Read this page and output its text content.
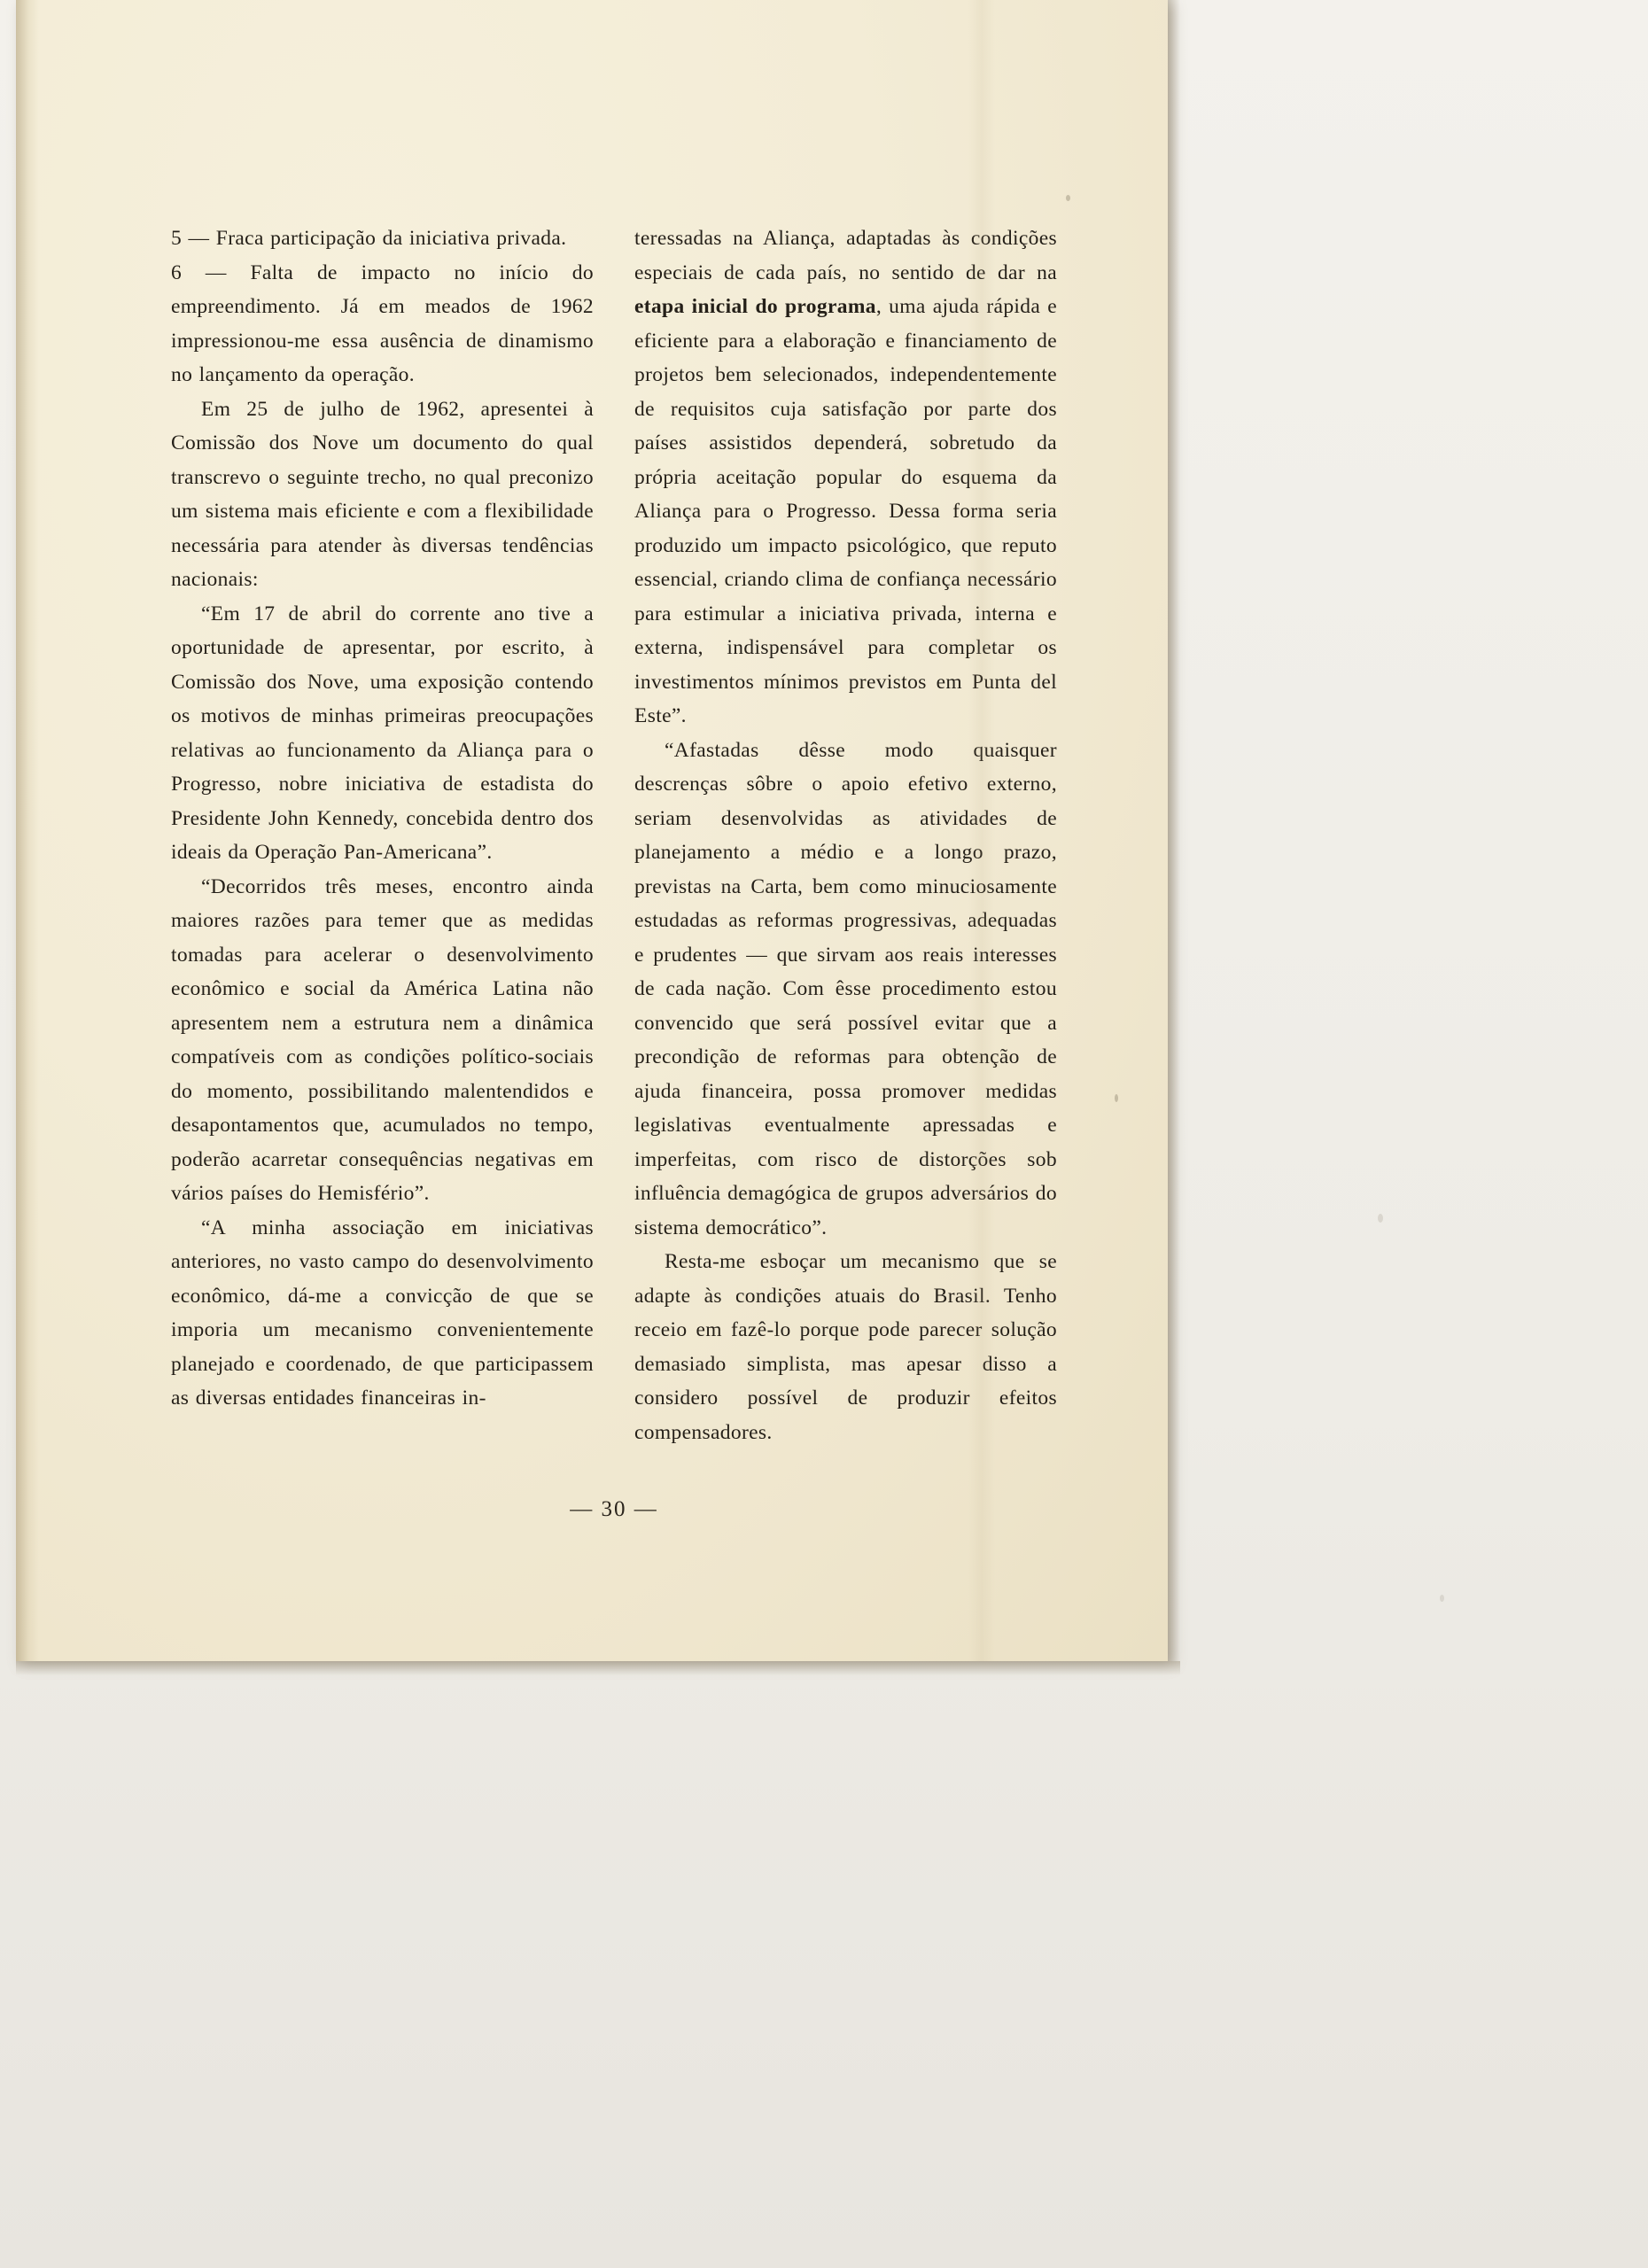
5 — Fraca participação da iniciativa privada.

6 — Falta de impacto no início do empreendimento. Já em meados de 1962 impressionou-me essa ausência de dinamismo no lançamento da operação.

Em 25 de julho de 1962, apresentei à Comissão dos Nove um documento do qual transcrevo o seguinte trecho, no qual preconizo um sistema mais eficiente e com a flexibilidade necessária para atender às diversas tendências nacionais:

“Em 17 de abril do corrente ano tive a oportunidade de apresentar, por escrito, à Comissão dos Nove, uma exposição contendo os motivos de minhas primeiras preocupações relativas ao funcionamento da Aliança para o Progresso, nobre iniciativa de estadista do Presidente John Kennedy, concebida dentro dos ideais da Operação Pan-Americana”.

“Decorridos três meses, encontro ainda maiores razões para temer que as medidas tomadas para acelerar o desenvolvimento econômico e social da América Latina não apresentem nem a estrutura nem a dinâmica compatíveis com as condições político-sociais do momento, possibilitando malentendidos e desapontamentos que, acumulados no tempo, poderão acarretar consequências negativas em vários países do Hemisfério”.

“A minha associação em iniciativas anteriores, no vasto campo do desenvolvimento econômico, dá-me a convicção de que se imporia um mecanismo convenientemente planejado e coordenado, de que participassem as diversas entidades financeiras in-

teressadas na Aliança, adaptadas às condições especiais de cada país, no sentido de dar na etapa inicial do programa, uma ajuda rápida e eficiente para a elaboração e financiamento de projetos bem selecionados, independentemente de requisitos cuja satisfação por parte dos países assistidos dependerá, sobretudo da própria aceitação popular do esquema da Aliança para o Progresso. Dessa forma seria produzido um impacto psicológico, que reputo essencial, criando clima de confiança necessário para estimular a iniciativa privada, interna e externa, indispensável para completar os investimentos mínimos previstos em Punta del Este”.

“Afastadas dêsse modo quaisquer descrenças sôbre o apoio efetivo externo, seriam desenvolvidas as atividades de planejamento a médio e a longo prazo, previstas na Carta, bem como minuciosamente estudadas as reformas progressivas, adequadas e prudentes — que sirvam aos reais interesses de cada nação. Com êsse procedimento estou convencido que será possível evitar que a precondição de reformas para obtenção de ajuda financeira, possa promover medidas legislativas eventualmente apressadas e imperfeitas, com risco de distorções sob influência demagógica de grupos adversários do sistema democrático”.

Resta-me esboçar um mecanismo que se adapte às condições atuais do Brasil. Tenho receio em fazê-lo porque pode parecer solução demasiado simplista, mas apesar disso a considero possível de produzir efeitos compensadores.

— 30 —
